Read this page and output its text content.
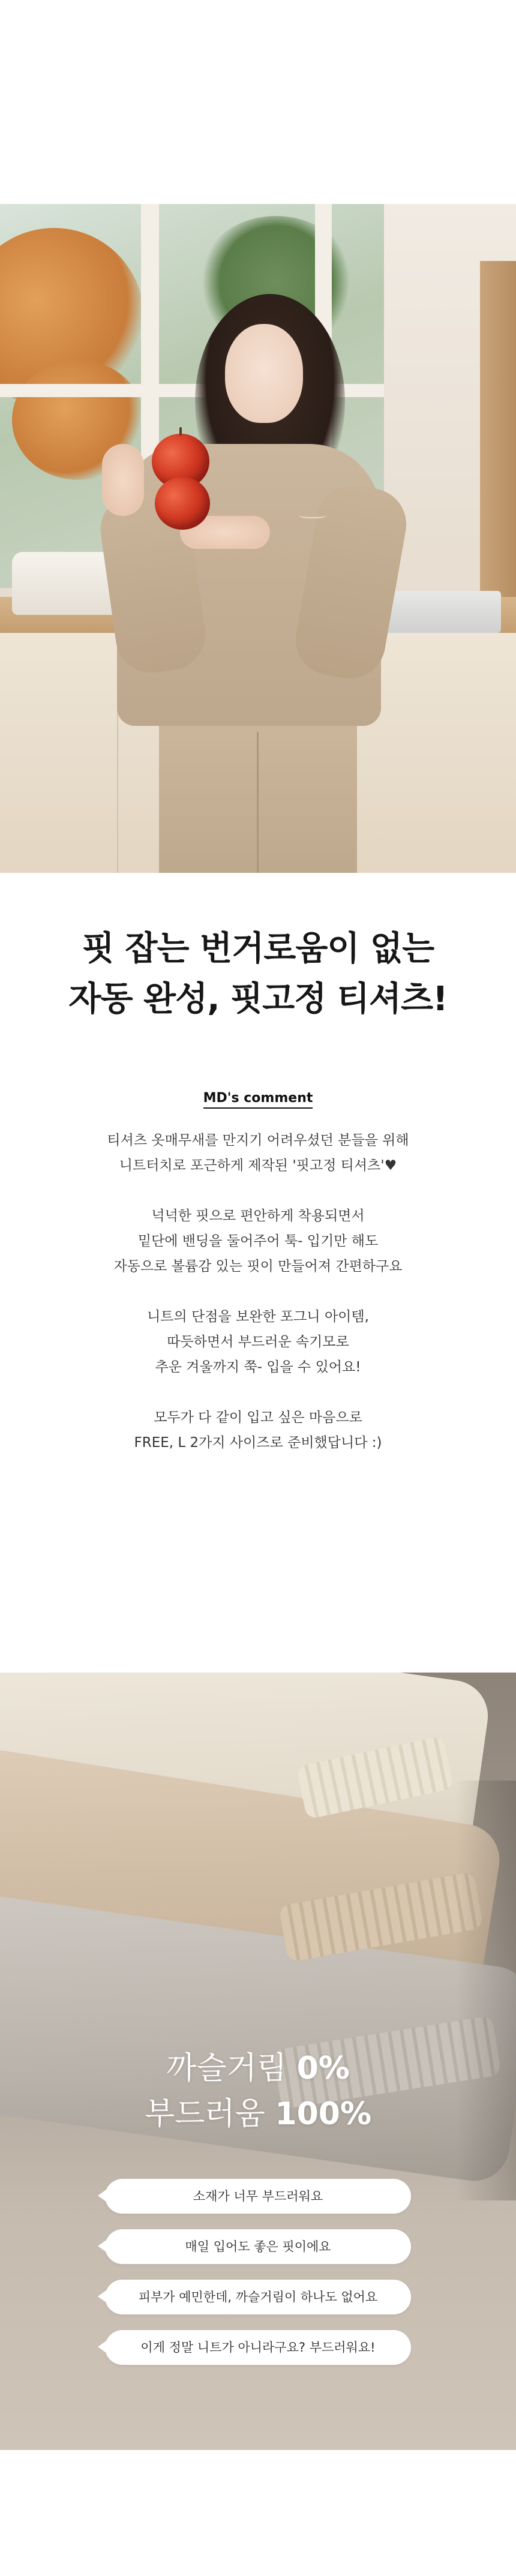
핏 잡는 번거로움이 없는
자동 완성, 핏고정 티셔츠!
MD's comment

티셔츠 옷매무새를 만지기 어려우셨던 분들을 위해
니트터치로 포근하게 제작된 '핏고정 티셔츠'♥

넉넉한 핏으로 편안하게 착용되면서
밑단에 밴딩을 둘어주어 툭- 입기만 해도
자동으로 볼륨감 있는 핏이 만들어져 간편하구요

니트의 단점을 보완한 포그니 아이템,
따듯하면서 부드러운 속기모로
추운 겨울까지 쭉- 입을 수 있어요!

모두가 다 같이 입고 싶은 마음으로
FREE, L 2가지 사이즈로 준비했답니다 :)

까슬거림 0%
부드러움 100%
소재가 너무 부드러워요
매일 입어도 좋은 핏이에요
피부가 예민한데, 까슬거림이 하나도 없어요
이게 정말 니트가 아니라구요? 부드러워요!
